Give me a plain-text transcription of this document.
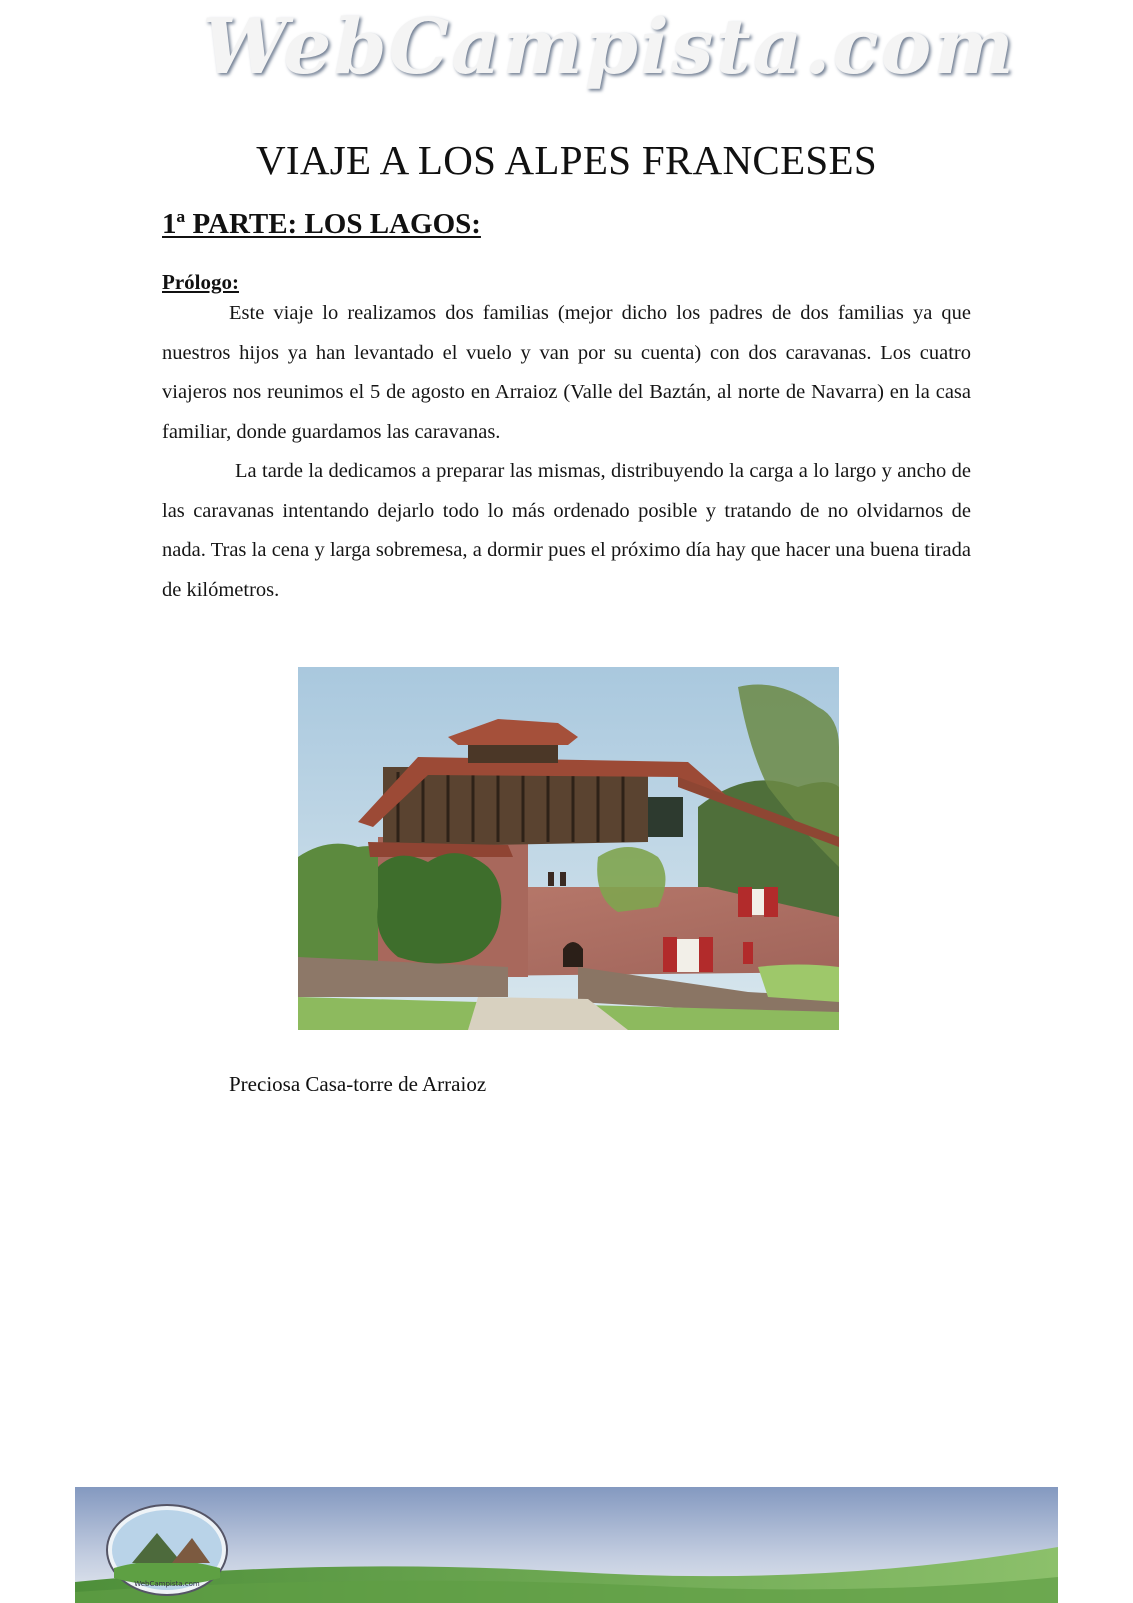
VIAJE A LOS ALPES FRANCESES
1ª PARTE: LOS LAGOS:
Prólogo:

Este viaje lo realizamos dos familias (mejor dicho los padres de dos familias ya que nuestros hijos ya han levantado el vuelo y van por su cuenta) con dos caravanas. Los cuatro viajeros nos reunimos el 5 de agosto en Arraioz (Valle del Baztán, al norte de Navarra) en la casa familiar, donde guardamos las caravanas.

La tarde la dedicamos a preparar las mismas, distribuyendo la carga a lo largo y ancho de las caravanas intentando dejarlo todo lo más ordenado posible y tratando de no olvidarnos de nada. Tras la cena y larga sobremesa, a dormir pues el próximo día hay que hacer una buena tirada de kilómetros.

Preciosa Casa-torre de Arraioz
WebCampista.com
WebCampista.com
